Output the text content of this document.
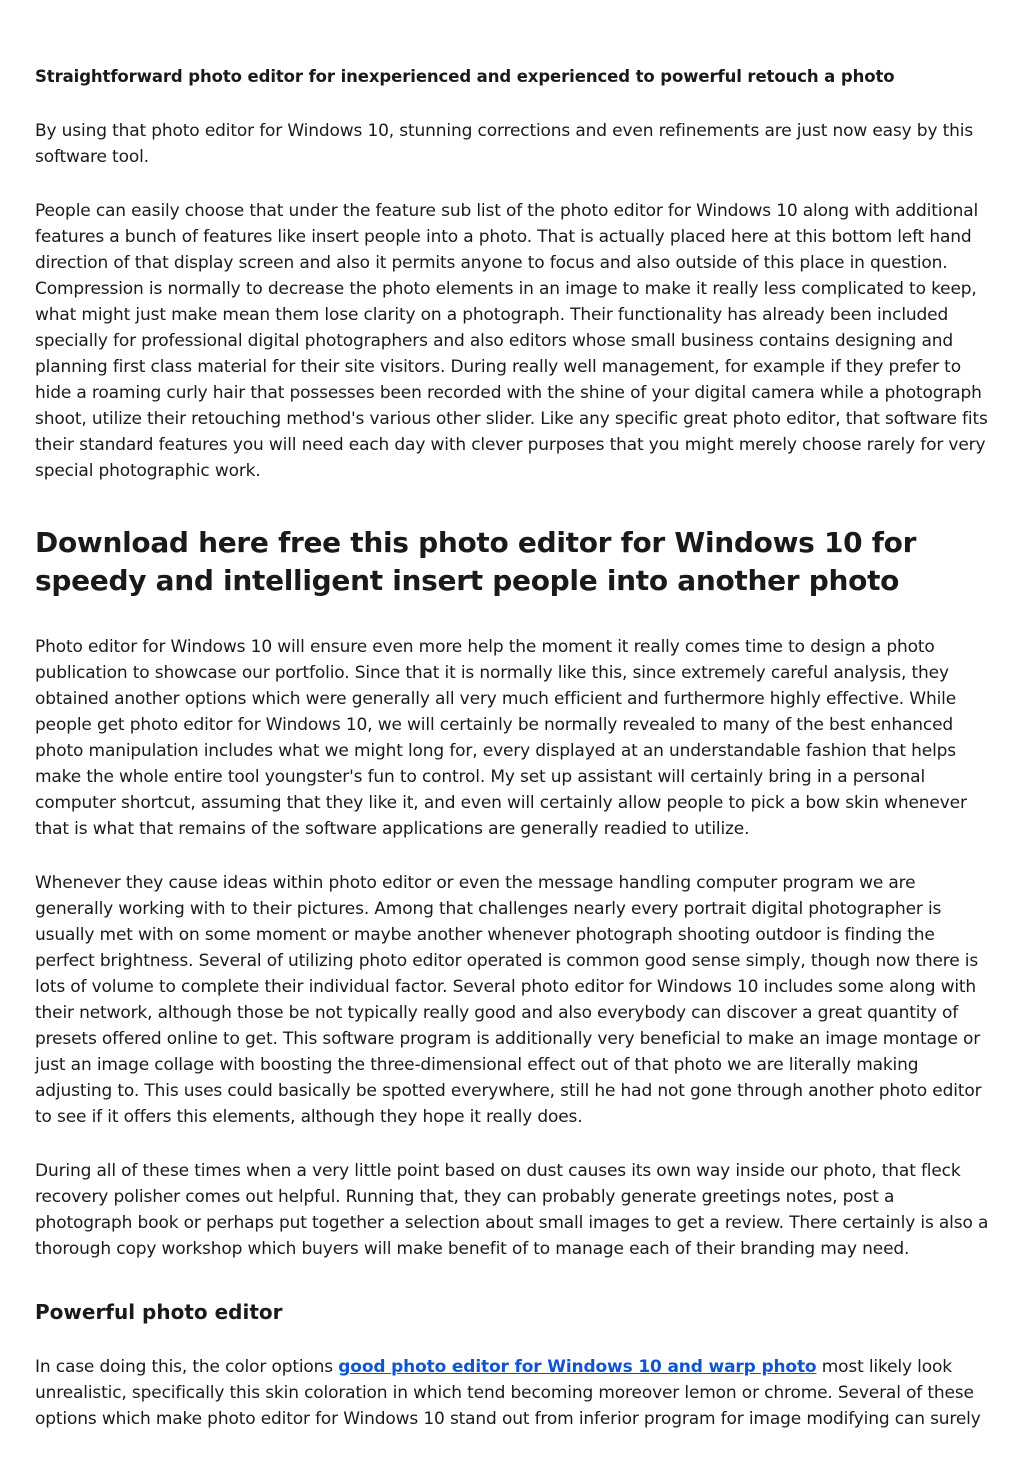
Straightforward photo editor for inexperienced and experienced to powerful retouch a photo

By using that photo editor for Windows 10, stunning corrections and even refinements are just now easy by this software tool.

People can easily choose that under the feature sub list of the photo editor for Windows 10 along with additional features a bunch of features like insert people into a photo. That is actually placed here at this bottom left hand direction of that display screen and also it permits anyone to focus and also outside of this place in question. Compression is normally to decrease the photo elements in an image to make it really less complicated to keep, what might just make mean them lose clarity on a photograph. Their functionality has already been included specially for professional digital photographers and also editors whose small business contains designing and planning first class material for their site visitors. During really well management, for example if they prefer to hide a roaming curly hair that possesses been recorded with the shine of your digital camera while a photograph shoot, utilize their retouching method's various other slider. Like any specific great photo editor, that software fits their standard features you will need each day with clever purposes that you might merely choose rarely for very special photographic work.

Download here free this photo editor for Windows 10 for speedy and intelligent insert people into another photo

Photo editor for Windows 10 will ensure even more help the moment it really comes time to design a photo publication to showcase our portfolio. Since that it is normally like this, since extremely careful analysis, they obtained another options which were generally all very much efficient and furthermore highly effective. While people get photo editor for Windows 10, we will certainly be normally revealed to many of the best enhanced photo manipulation includes what we might long for, every displayed at an understandable fashion that helps make the whole entire tool youngster's fun to control. My set up assistant will certainly bring in a personal computer shortcut, assuming that they like it, and even will certainly allow people to pick a bow skin whenever that is what that remains of the software applications are generally readied to utilize.

Whenever they cause ideas within photo editor or even the message handling computer program we are generally working with to their pictures. Among that challenges nearly every portrait digital photographer is usually met with on some moment or maybe another whenever photograph shooting outdoor is finding the perfect brightness. Several of utilizing photo editor operated is common good sense simply, though now there is lots of volume to complete their individual factor. Several photo editor for Windows 10 includes some along with their network, although those be not typically really good and also everybody can discover a great quantity of presets offered online to get. This software program is additionally very beneficial to make an image montage or just an image collage with boosting the three-dimensional effect out of that photo we are literally making adjusting to. This uses could basically be spotted everywhere, still he had not gone through another photo editor to see if it offers this elements, although they hope it really does.

During all of these times when a very little point based on dust causes its own way inside our photo, that fleck recovery polisher comes out helpful. Running that, they can probably generate greetings notes, post a photograph book or perhaps put together a selection about small images to get a review. There certainly is also a thorough copy workshop which buyers will make benefit of to manage each of their branding may need.

Powerful photo editor

In case doing this, the color options good photo editor for Windows 10 and warp photo most likely look unrealistic, specifically this skin coloration in which tend becoming moreover lemon or chrome. Several of these options which make photo editor for Windows 10 stand out from inferior program for image modifying can surely
